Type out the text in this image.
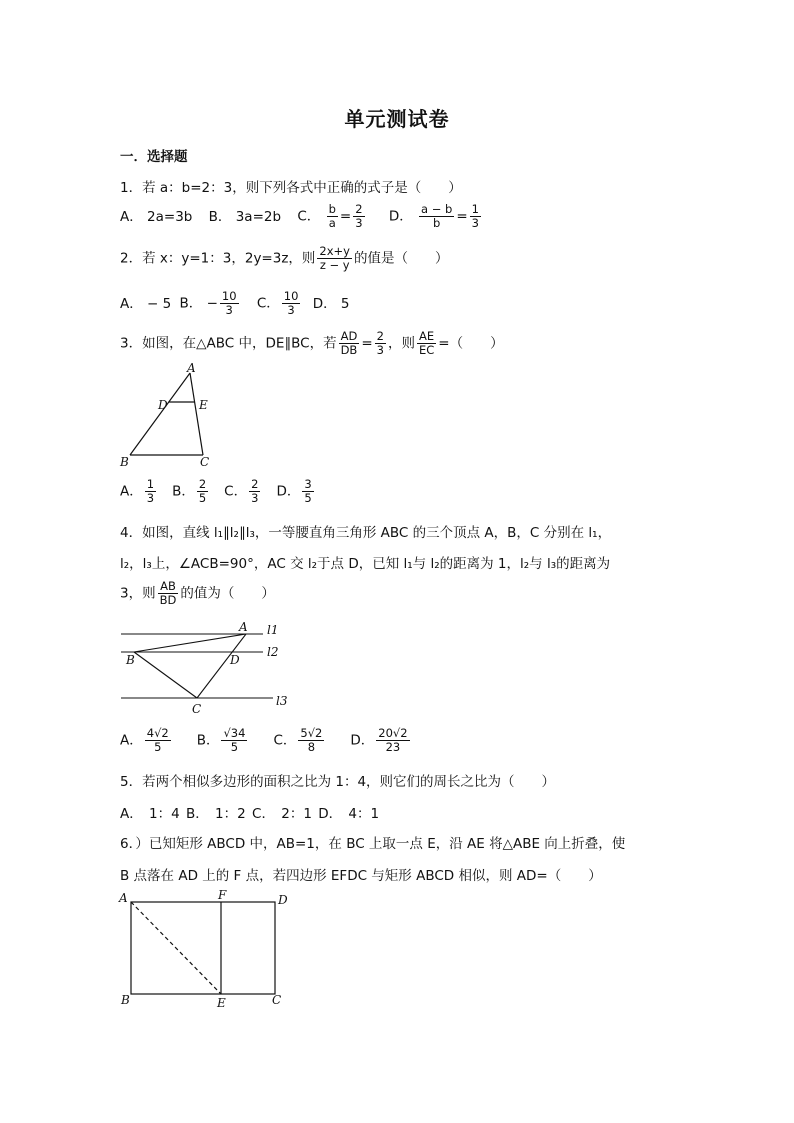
单元测试卷
一．选择题
1．若 a：b=2：3，则下列各式中正确的式子是（　　）
A． 2a=3b B． 3a=2b C． $\frac{b}{a} = \frac{2}{3}$ D． $\frac{a - b}{b} = \frac{1}{3}$
2．若 x：y=1：3，2y=3z，则 $\frac{2x+y}{z - y}$ 的值是（　　）
A． − 5 B． − $\frac{10}{3}$ C． $\frac{10}{3}$ D． 5
3．如图，在△ABC 中，DE∥BC，若 $\frac{AD}{DB} = \frac{2}{3}$ ，则 $\frac{AE}{EC}$ =（　　）
A
D	E
B	C
A． $\frac{1}{3}$ B． $\frac{2}{5}$ C． $\frac{2}{3}$ D． $\frac{3}{5}$
4．如图，直线 l₁∥l₂∥l₃，一等腰直角三角形 ABC 的三个顶点 A，B，C 分别在 l₁，
l₂，l₃上，∠ACB=90°，AC 交 l₂于点 D，已知 l₁与 l₂的距离为 1，l₂与 l₃的距离为
3，则 $\frac{AB}{BD}$ 的值为（　　）
A
B	D
C
l1
l2
l3
A． $\frac{4√2}{5}$ B． $\frac{√34}{5}$ C． $\frac{5√2}{8}$ D． $\frac{20√2}{23}$
5．若两个相似多边形的面积之比为 1：4，则它们的周长之比为（　　）
A． 1：4 B． 1：2 C． 2：1 D． 4：1
6．）已知矩形 ABCD 中，AB=1，在 BC 上取一点 E，沿 AE 将△ABE 向上折叠，使
B 点落在 AD 上的 F 点，若四边形 EFDC 与矩形 ABCD 相似，则 AD=（　　）
A	F	D
B	E	C
